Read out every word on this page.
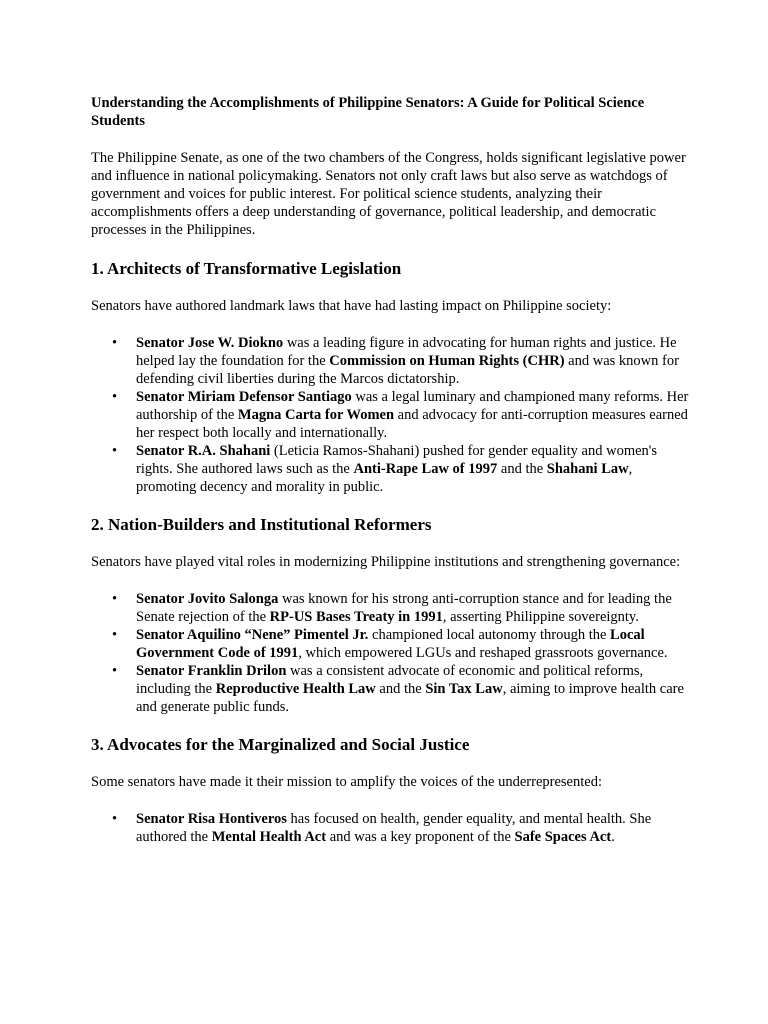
Understanding the Accomplishments of Philippine Senators: A Guide for Political Science Students

The Philippine Senate, as one of the two chambers of the Congress, holds significant legislative power and influence in national policymaking. Senators not only craft laws but also serve as watchdogs of government and voices for public interest. For political science students, analyzing their accomplishments offers a deep understanding of governance, political leadership, and democratic processes in the Philippines.

1. Architects of Transformative Legislation

Senators have authored landmark laws that have had lasting impact on Philippine society:

• Senator Jose W. Diokno was a leading figure in advocating for human rights and justice. He helped lay the foundation for the Commission on Human Rights (CHR) and was known for defending civil liberties during the Marcos dictatorship.
• Senator Miriam Defensor Santiago was a legal luminary and championed many reforms. Her authorship of the Magna Carta for Women and advocacy for anti-corruption measures earned her respect both locally and internationally.
• Senator R.A. Shahani (Leticia Ramos-Shahani) pushed for gender equality and women's rights. She authored laws such as the Anti-Rape Law of 1997 and the Shahani Law, promoting decency and morality in public.
2. Nation-Builders and Institutional Reformers

Senators have played vital roles in modernizing Philippine institutions and strengthening governance:

• Senator Jovito Salonga was known for his strong anti-corruption stance and for leading the Senate rejection of the RP-US Bases Treaty in 1991, asserting Philippine sovereignty.
• Senator Aquilino “Nene” Pimentel Jr. championed local autonomy through the Local Government Code of 1991, which empowered LGUs and reshaped grassroots governance.
• Senator Franklin Drilon was a consistent advocate of economic and political reforms, including the Reproductive Health Law and the Sin Tax Law, aiming to improve health care and generate public funds.
3. Advocates for the Marginalized and Social Justice

Some senators have made it their mission to amplify the voices of the underrepresented:

• Senator Risa Hontiveros has focused on health, gender equality, and mental health. She authored the Mental Health Act and was a key proponent of the Safe Spaces Act.
